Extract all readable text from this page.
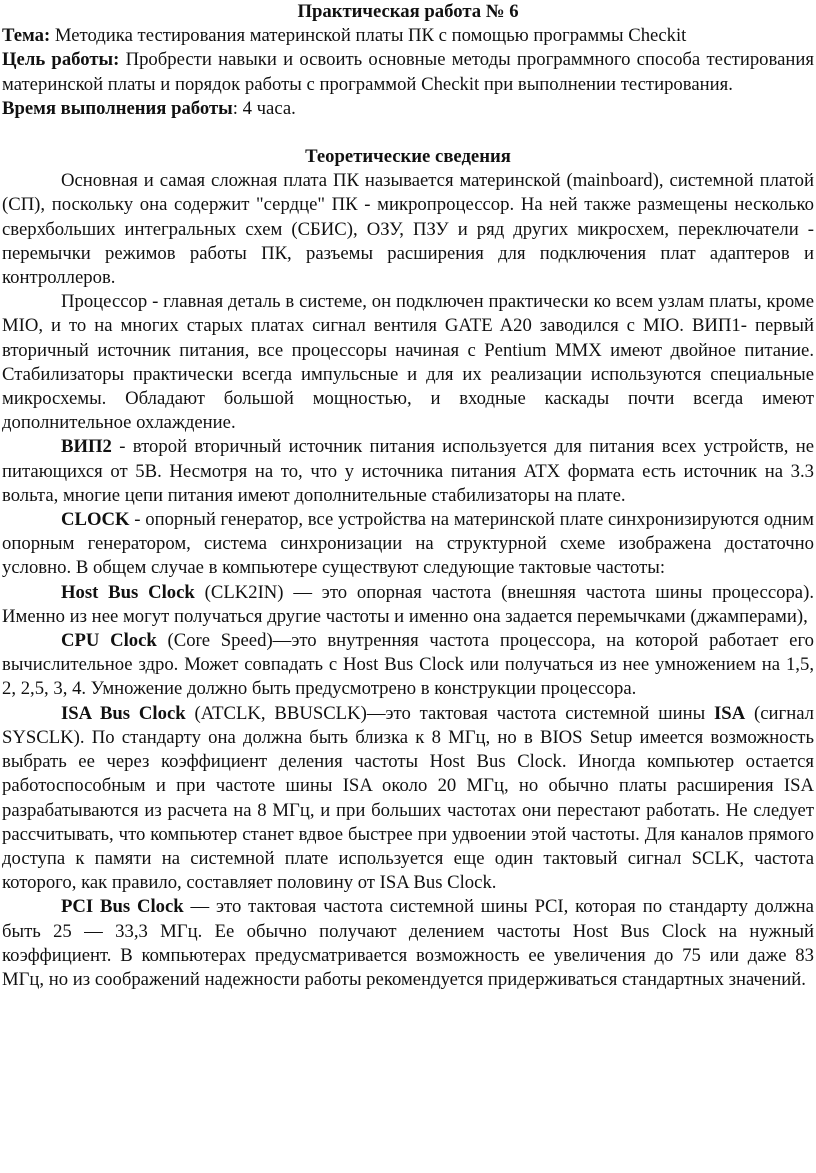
Практическая работа № 6

Тема: Методика тестирования материнской платы ПК с помощью программы Checkit

Цель работы: Пробрести навыки и освоить основные методы программного способа тестирования материнской платы и порядок работы с программой Checkit при выполнении тестирования.

Время выполнения работы: 4 часа.

Теоретические сведения

Основная и самая сложная плата ПК называется материнской (mainboard), системной платой (СП), поскольку она содержит "сердце" ПК - микропроцессор. На ней также размещены несколько сверхбольших интегральных схем (СБИС), ОЗУ, ПЗУ и ряд других микросхем, переключатели - перемычки режимов работы ПК, разъемы расширения для подключения плат адаптеров и контроллеров.

Процессор - главная деталь в системе, он подключен практически ко всем узлам платы, кроме MIO, и то на многих старых платах сигнал вентиля GATE A20 заводился с MIO. ВИП1- первый вторичный источник питания, все процессоры начиная с Pentium MMX имеют двойное питание. Стабилизаторы практически всегда импульсные и для их реализации используются специальные микросхемы. Обладают большой мощностью, и входные каскады почти всегда имеют дополнительное охлаждение.

ВИП2 - второй вторичный источник питания используется для питания всех устройств, не питающихся от 5В. Несмотря на то, что у источника питания ATX формата есть источник на 3.3 вольта, многие цепи питания имеют дополнительные стабилизаторы на плате.

CLOCK - опорный генератор, все устройства на материнской плате синхронизируются одним опорным генератором, система синхронизации на структурной схеме изображена достаточно условно. В общем случае в компьютере существуют следующие тактовые частоты:

Host Bus Clock (CLK2IN) — это опорная частота (внешняя частота шины процессора). Именно из нее могут получаться другие частоты и именно она задается перемычками (джамперами),

CPU Clock (Core Speed)—это внутренняя частота процессора, на которой работает его вычислительное здро. Может совпадать с Host Bus Clock или получаться из нее умножением на 1,5, 2, 2,5, 3, 4. Умножение должно быть предусмотрено в конструкции процессора.

ISA Bus Clock (ATCLK, BBUSCLK)—это тактовая частота системной шины ISA (сигнал SYSCLK). По стандарту она должна быть близка к 8 МГц, но в BIOS Setup имеется возможность выбрать ее через коэффициент деления частоты Host Bus Clock. Иногда компьютер остается работоспособным и при частоте шины ISA около 20 МГц, но обычно платы расширения ISA разрабатываются из расчета на 8 МГц, и при больших частотах они перестают работать. Не следует рассчитывать, что компьютер станет вдвое быстрее при удвоении этой частоты. Для каналов прямого доступа к памяти на системной плате используется еще один тактовый сигнал SCLK, частота которого, как правило, составляет половину от ISA Bus Clock.

PCI Bus Clock — это тактовая частота системной шины PCI, которая по стандарту должна быть 25 — 33,3 МГц. Ее обычно получают делением частоты Host Bus Clock на нужный коэффициент. В компьютерах предусматривается возможность ее увеличения до 75 или даже 83 МГц, но из соображений надежности работы рекомендуется придерживаться стандартных значений.
